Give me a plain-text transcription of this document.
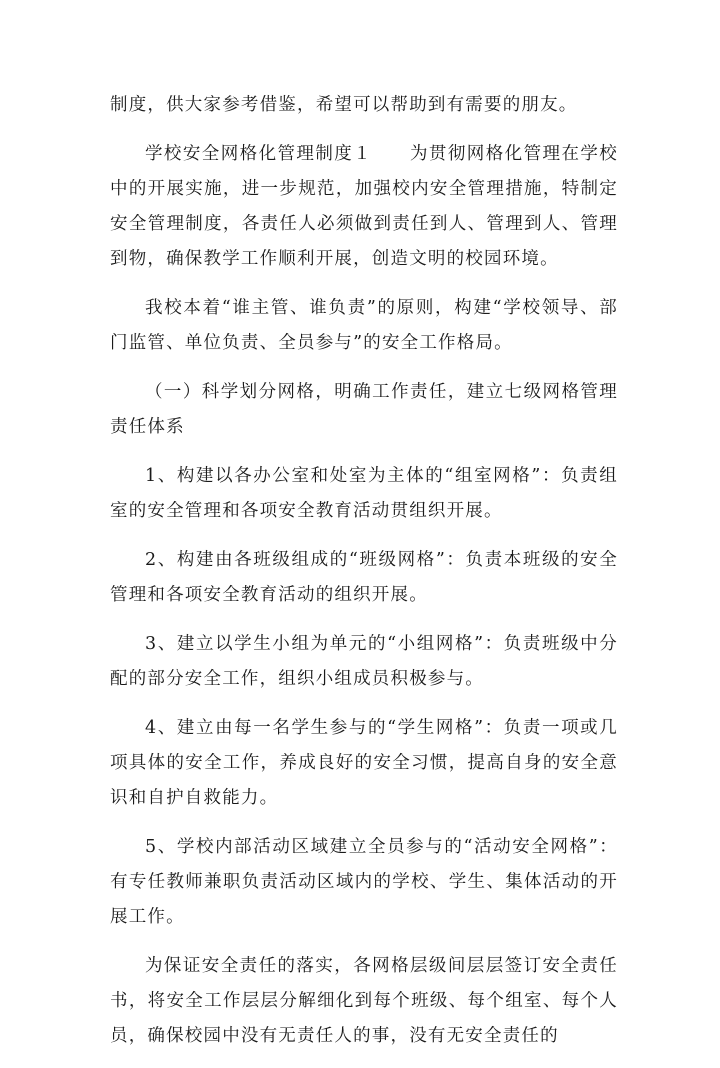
制度，供大家参考借鉴，希望可以帮助到有需要的朋友。

学校安全网格化管理制度１　　为贯彻网格化管理在学校中的开展实施，进一步规范，加强校内安全管理措施，特制定安全管理制度，各责任人必须做到责任到人、管理到人、管理到物，确保教学工作顺利开展，创造文明的校园环境。

我校本着“谁主管、谁负责”的原则，构建“学校领导、部门监管、单位负责、全员参与”的安全工作格局。

（一）科学划分网格，明确工作责任，建立七级网格管理责任体系

1、构建以各办公室和处室为主体的“组室网格”：负责组室的安全管理和各项安全教育活动贯组织开展。

2、构建由各班级组成的“班级网格”：负责本班级的安全管理和各项安全教育活动的组织开展。

3、建立以学生小组为单元的“小组网格”：负责班级中分配的部分安全工作，组织小组成员积极参与。

4、建立由每一名学生参与的“学生网格”：负责一项或几项具体的安全工作，养成良好的安全习惯，提高自身的安全意识和自护自救能力。

5、学校内部活动区域建立全员参与的“活动安全网格”：有专任教师兼职负责活动区域内的学校、学生、集体活动的开展工作。

为保证安全责任的落实，各网格层级间层层签订安全责任书，将安全工作层层分解细化到每个班级、每个组室、每个人员，确保校园中没有无责任人的事，没有无安全责任的
